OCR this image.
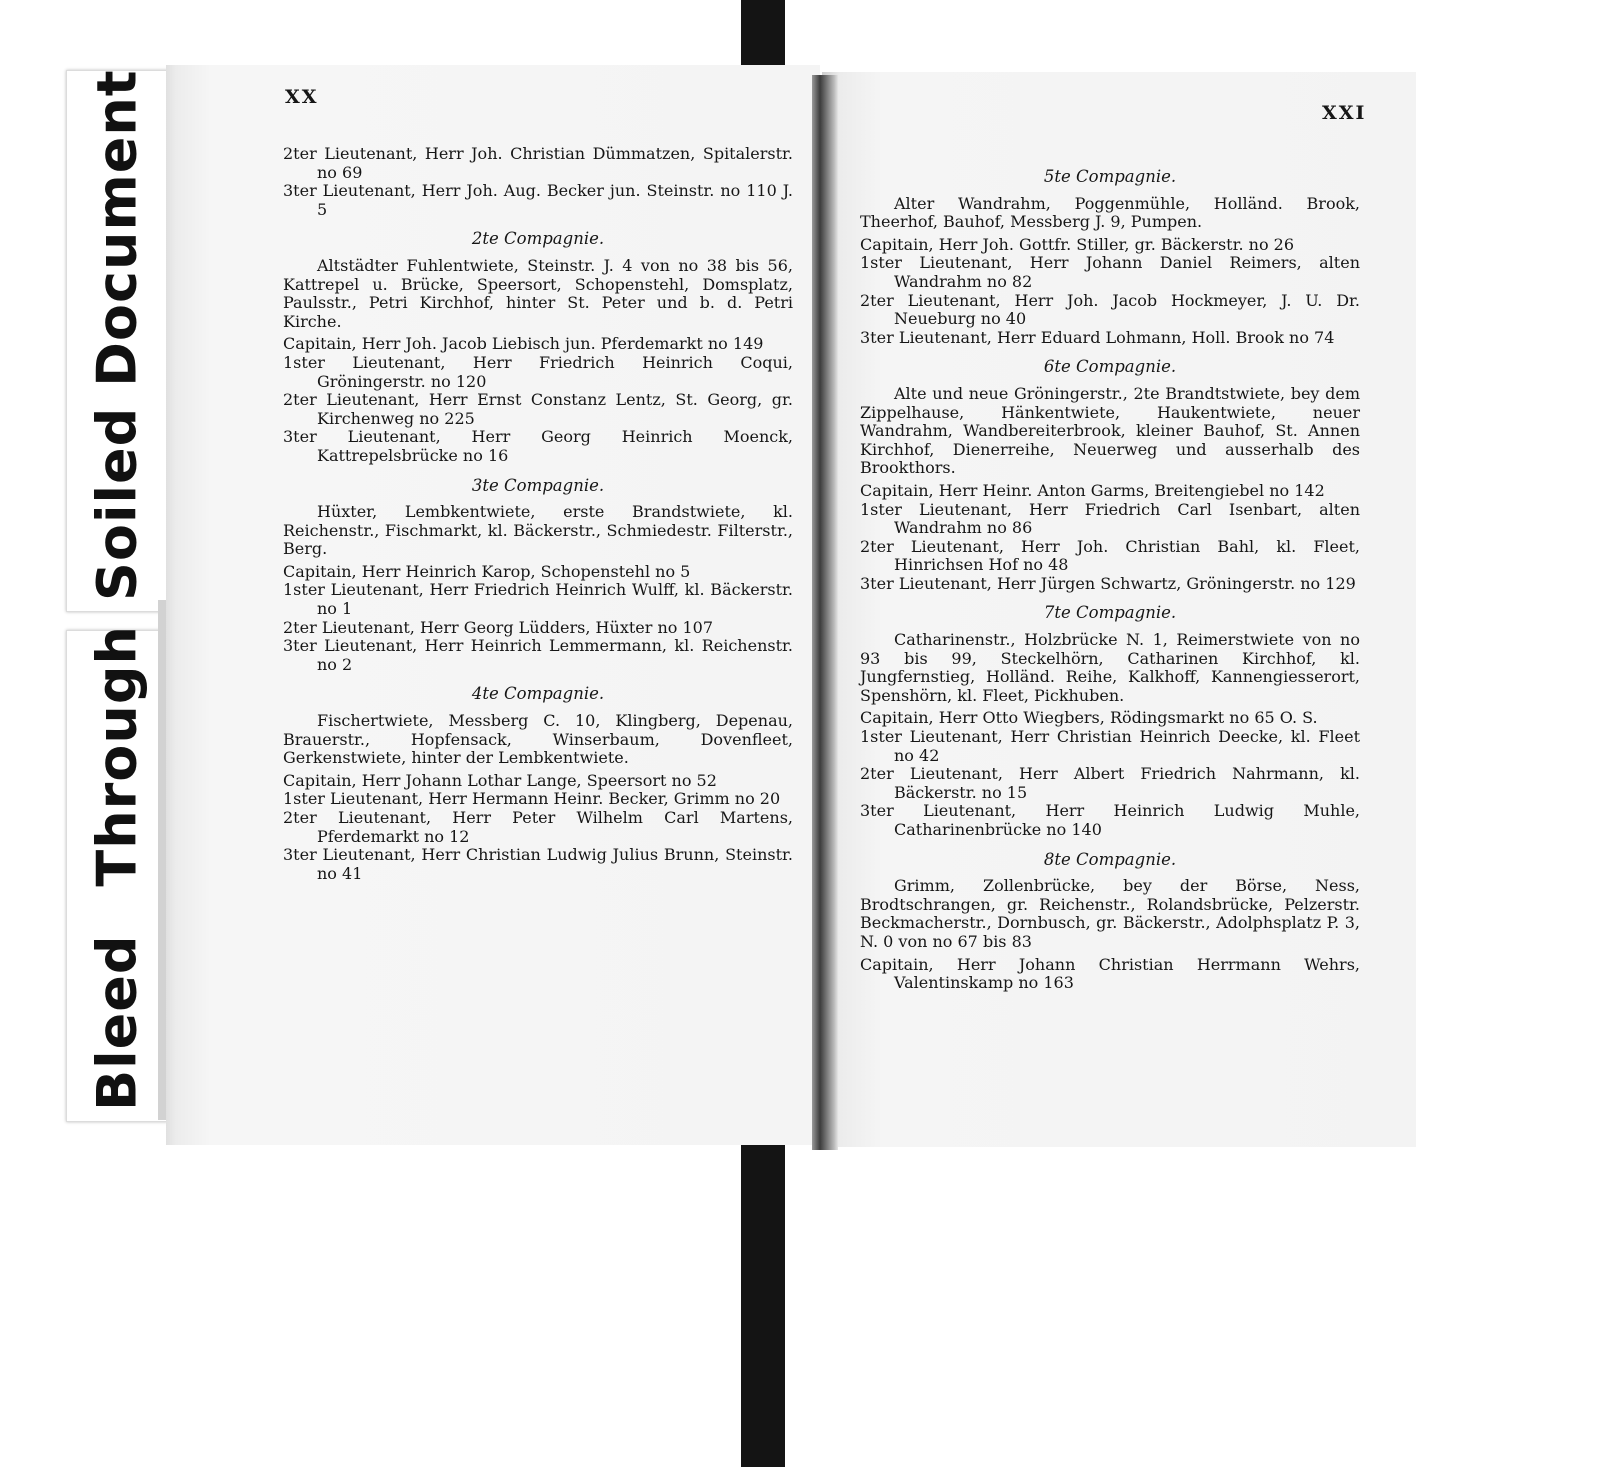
Soiled Document
Bleed Through
XX
XXI

2ter Lieutenant, Herr Joh. Christian Dümmatzen, Spitalerstr. no 69

3ter Lieutenant, Herr Joh. Aug. Becker jun. Steinstr. no 110 J. 5

2te Compagnie.

Altstädter Fuhlentwiete, Steinstr. J. 4 von no 38 bis 56, Kattrepel u. Brücke, Speersort, Schopenstehl, Domsplatz, Paulsstr., Petri Kirchhof, hinter St. Peter und b. d. Petri Kirche.

Capitain, Herr Joh. Jacob Liebisch jun. Pferdemarkt no 149

1ster Lieutenant, Herr Friedrich Heinrich Coqui, Gröningerstr. no 120

2ter Lieutenant, Herr Ernst Constanz Lentz, St. Georg, gr. Kirchenweg no 225

3ter Lieutenant, Herr Georg Heinrich Moenck, Kattrepelsbrücke no 16

3te Compagnie.

Hüxter, Lembkentwiete, erste Brandstwiete, kl. Reichenstr., Fischmarkt, kl. Bäckerstr., Schmiedestr. Filterstr., Berg.

Capitain, Herr Heinrich Karop, Schopenstehl no 5

1ster Lieutenant, Herr Friedrich Heinrich Wulff, kl. Bäckerstr. no 1

2ter Lieutenant, Herr Georg Lüdders, Hüxter no 107

3ter Lieutenant, Herr Heinrich Lemmermann, kl. Reichenstr. no 2

4te Compagnie.

Fischertwiete, Messberg C. 10, Klingberg, Depenau, Brauerstr., Hopfensack, Winserbaum, Dovenfleet, Gerkenstwiete, hinter der Lembkentwiete.

Capitain, Herr Johann Lothar Lange, Speersort no 52

1ster Lieutenant, Herr Hermann Heinr. Becker, Grimm no 20

2ter Lieutenant, Herr Peter Wilhelm Carl Martens, Pferdemarkt no 12

3ter Lieutenant, Herr Christian Ludwig Julius Brunn, Steinstr. no 41

5te Compagnie.

Alter Wandrahm, Poggenmühle, Holländ. Brook, Theerhof, Bauhof, Messberg J. 9, Pumpen.

Capitain, Herr Joh. Gottfr. Stiller, gr. Bäckerstr. no 26

1ster Lieutenant, Herr Johann Daniel Reimers, alten Wandrahm no 82

2ter Lieutenant, Herr Joh. Jacob Hockmeyer, J. U. Dr. Neueburg no 40

3ter Lieutenant, Herr Eduard Lohmann, Holl. Brook no 74

6te Compagnie.

Alte und neue Gröningerstr., 2te Brandtstwiete, bey dem Zippelhause, Hänkentwiete, Haukentwiete, neuer Wandrahm, Wandbereiterbrook, kleiner Bauhof, St. Annen Kirchhof, Dienerreihe, Neuerweg und ausserhalb des Brookthors.

Capitain, Herr Heinr. Anton Garms, Breitengiebel no 142

1ster Lieutenant, Herr Friedrich Carl Isenbart, alten Wandrahm no 86

2ter Lieutenant, Herr Joh. Christian Bahl, kl. Fleet, Hinrichsen Hof no 48

3ter Lieutenant, Herr Jürgen Schwartz, Gröningerstr. no 129

7te Compagnie.

Catharinenstr., Holzbrücke N. 1, Reimerstwiete von no 93 bis 99, Steckelhörn, Catharinen Kirchhof, kl. Jungfernstieg, Holländ. Reihe, Kalkhoff, Kannengiesserort, Spenshörn, kl. Fleet, Pickhuben.

Capitain, Herr Otto Wiegbers, Rödingsmarkt no 65 O. S.

1ster Lieutenant, Herr Christian Heinrich Deecke, kl. Fleet no 42

2ter Lieutenant, Herr Albert Friedrich Nahrmann, kl. Bäckerstr. no 15

3ter Lieutenant, Herr Heinrich Ludwig Muhle, Catharinenbrücke no 140

8te Compagnie.

Grimm, Zollenbrücke, bey der Börse, Ness, Brodtschrangen, gr. Reichenstr., Rolandsbrücke, Pelzerstr. Beckmacherstr., Dornbusch, gr. Bäckerstr., Adolphsplatz P. 3, N. 0 von no 67 bis 83

Capitain, Herr Johann Christian Herrmann Wehrs, Valentinskamp no 163
